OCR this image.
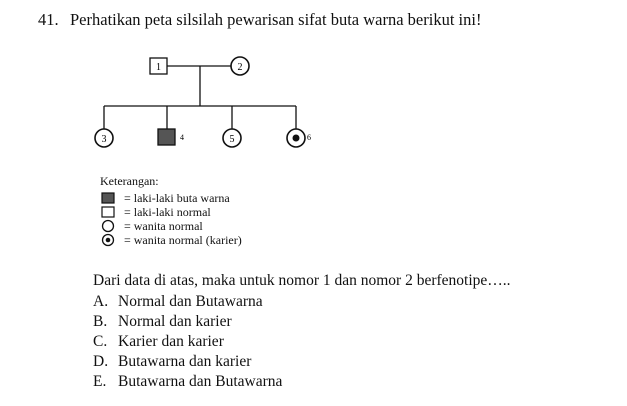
41. Perhatikan peta silsilah pewarisan sifat buta warna berikut ini!
1	2
3	4	5	6
Keterangan:
= laki-laki buta warna
= laki-laki normal
= wanita normal
= wanita normal (karier)
Dari data di atas, maka untuk nomor 1 dan nomor 2 berfenotipe…..
A. Normal dan Butawarna
B. Normal dan karier
C. Karier dan karier
D. Butawarna dan karier
E. Butawarna dan Butawarna
